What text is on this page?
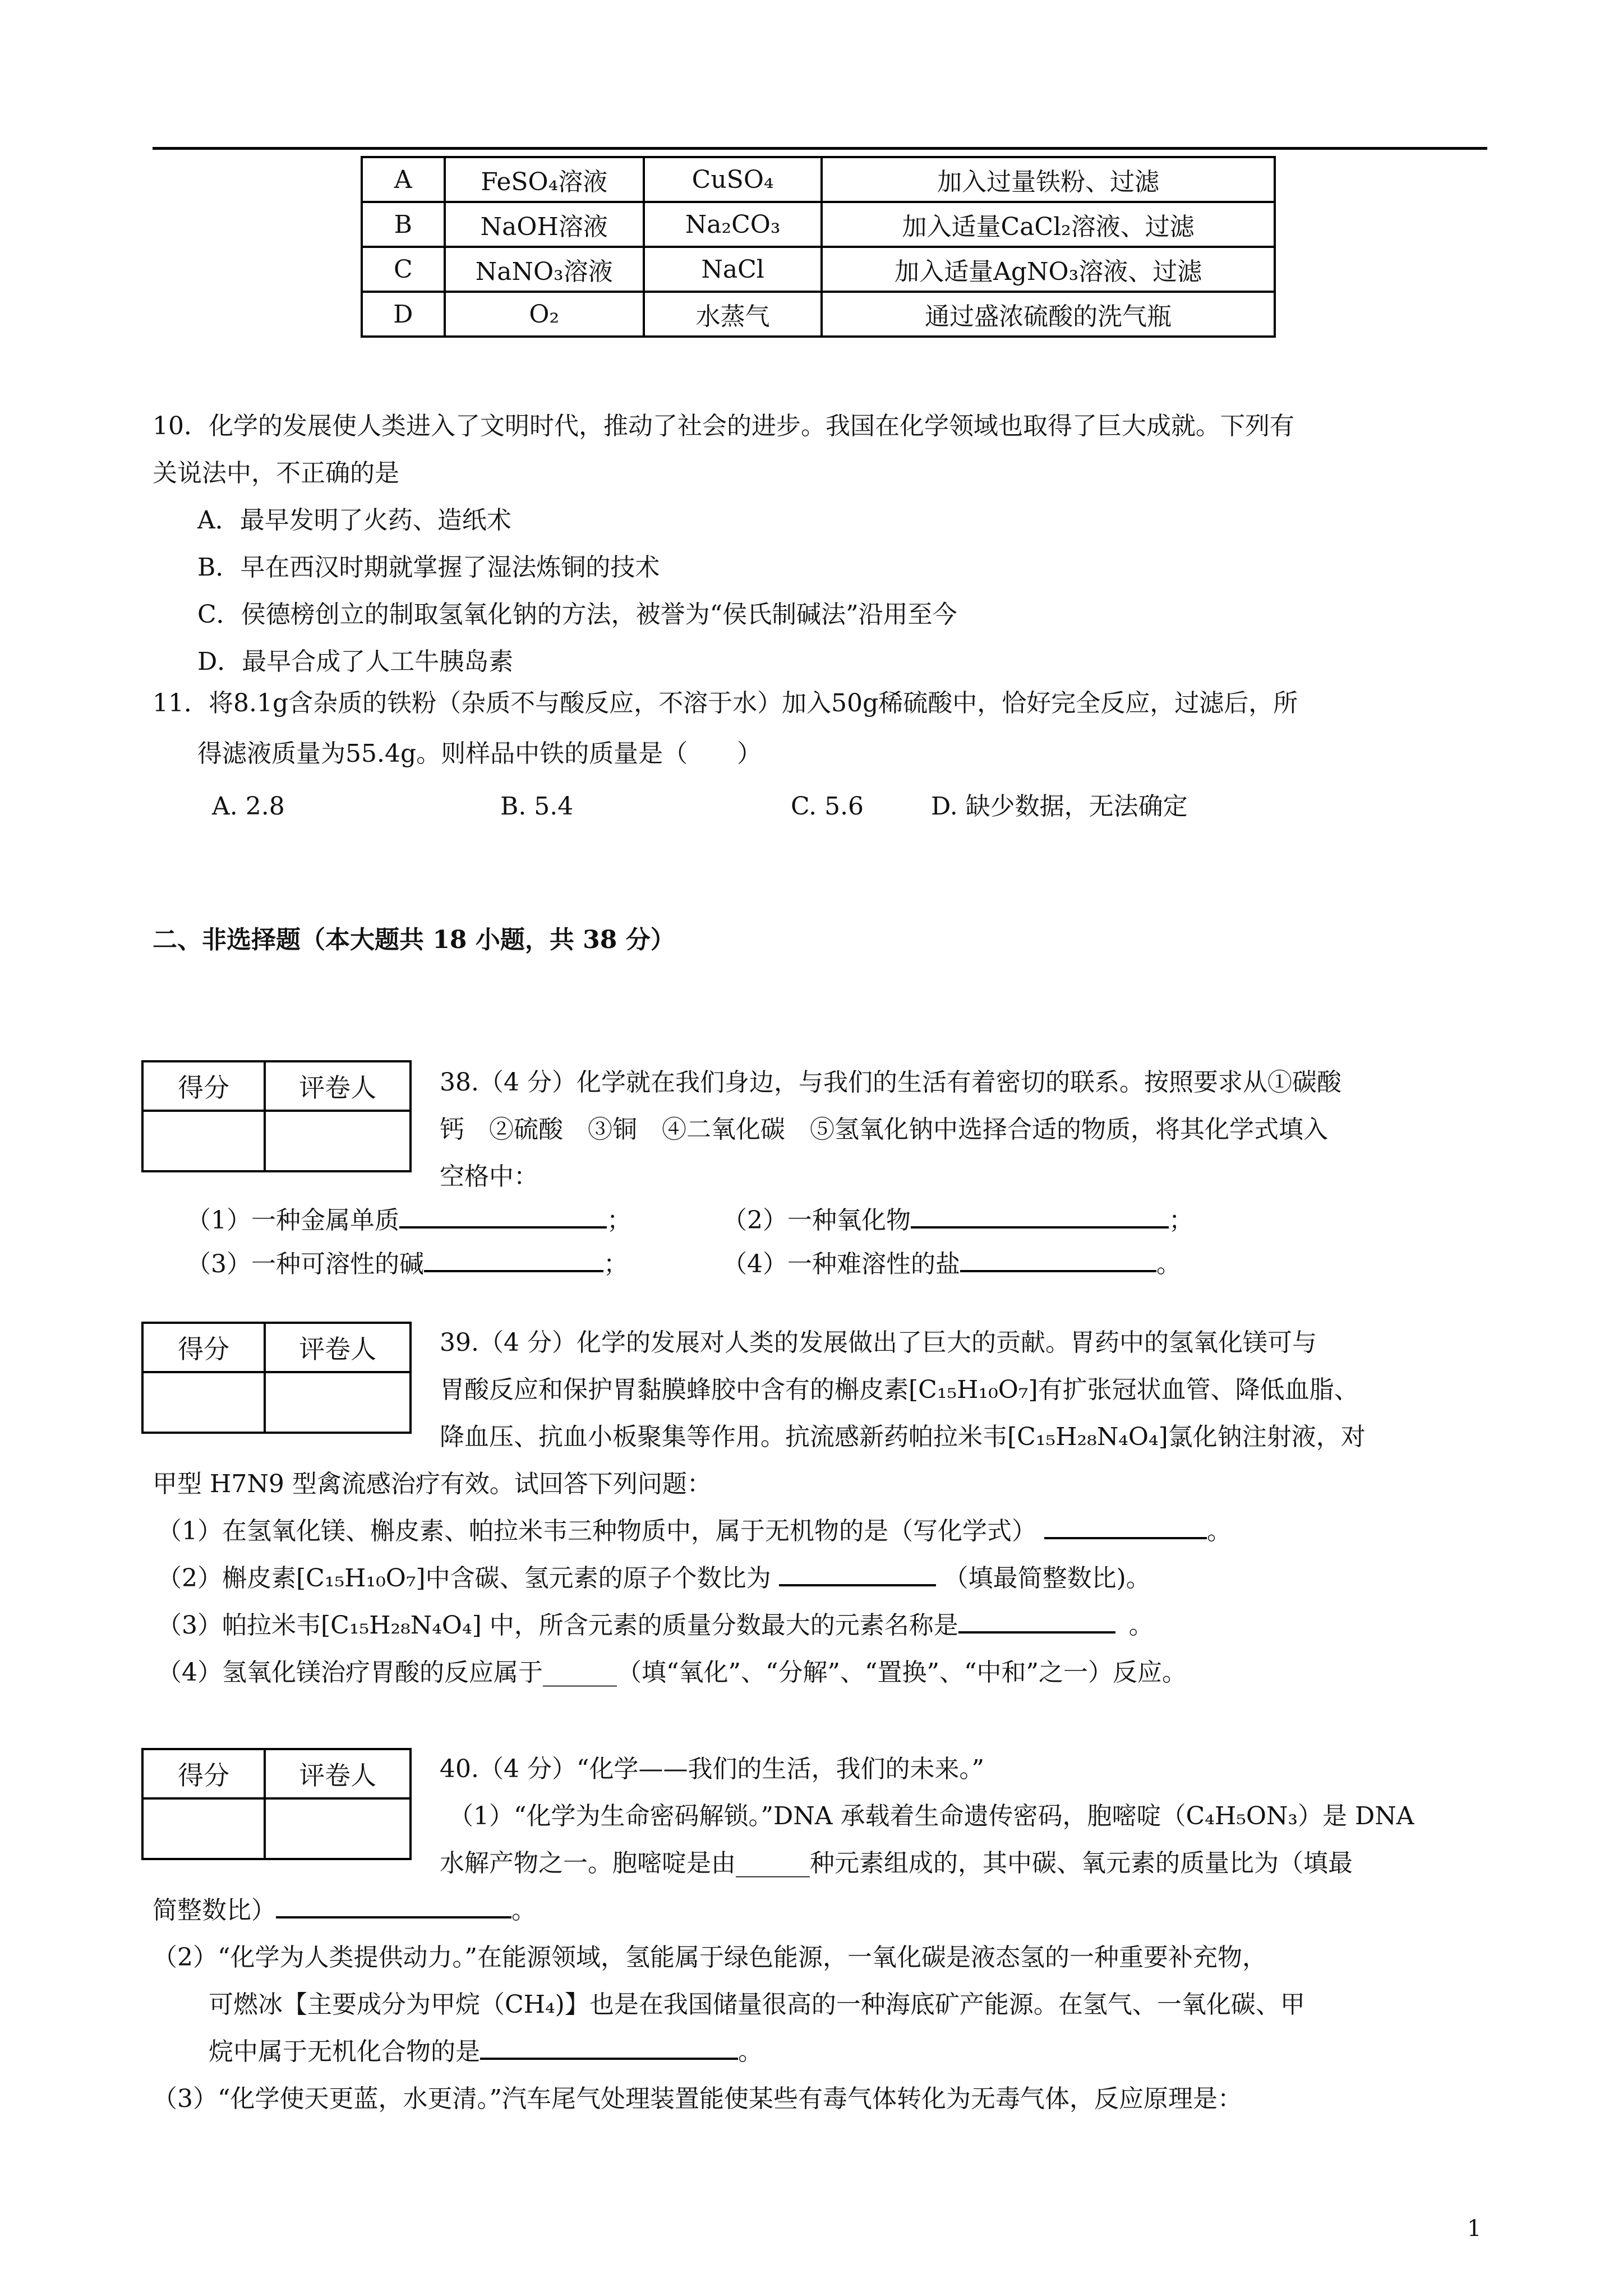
A	FeSO₄溶液	CuSO₄	加入过量铁粉、过滤
B	NaOH溶液	Na₂CO₃	加入适量CaCl₂溶液、过滤
C	NaNO₃溶液	NaCl	加入适量AgNO₃溶液、过滤
D	O₂	水蒸气	通过盛浓硫酸的洗气瓶
10．化学的发展使人类进入了文明时代，推动了社会的进步。我国在化学领域也取得了巨大成就。下列有
关说法中，不正确的是
A．最早发明了火药、造纸术
B．早在西汉时期就掌握了湿法炼铜的技术
C．侯德榜创立的制取氢氧化钠的方法，被誉为“侯氏制碱法”沿用至今
D．最早合成了人工牛胰岛素
11．将8.1g含杂质的铁粉（杂质不与酸反应，不溶于水）加入50g稀硫酸中，恰好完全反应，过滤后，所
得滤液质量为55.4g。则样品中铁的质量是（　　）
A. 2.8	B. 5.4	C. 5.6	D. 缺少数据，无法确定
二、非选择题（本大题共 18 小题，共 38 分）
得分	评卷人
		38.（4 分）化学就在我们身边，与我们的生活有着密切的联系。按照要求从①碳酸
钙　②硫酸　③铜　④二氧化碳　⑤氢氧化钠中选择合适的物质，将其化学式填入
空格中：
（1）一种金属单质	；	（2）一种氧化物	；
（3）一种可溶性的碱	；	（4）一种难溶性的盐	。
得分	评卷人
		39.（4 分）化学的发展对人类的发展做出了巨大的贡献。胃药中的氢氧化镁可与
胃酸反应和保护胃黏膜蜂胶中含有的槲皮素[C₁₅H₁₀O₇]有扩张冠状血管、降低血脂、
降血压、抗血小板聚集等作用。抗流感新药帕拉米韦[C₁₅H₂₈N₄O₄]氯化钠注射液，对
甲型 H7N9 型禽流感治疗有效。试回答下列问题：
（1）在氢氧化镁、槲皮素、帕拉米韦三种物质中，属于无机物的是（写化学式）	。
（2）槲皮素[C₁₅H₁₀O₇]中含碳、氢元素的原子个数比为	（填最简整数比)。
（3）帕拉米韦[C₁₅H₂₈N₄O₄] 中，所含元素的质量分数最大的元素名称是	。
（4）氢氧化镁治疗胃酸的反应属于______（填“氧化”、“分解”、“置换”、“中和”之一）反应。
得分	评卷人
		40.（4 分）“化学——我们的生活，我们的未来。”
（1）“化学为生命密码解锁。”DNA 承载着生命遗传密码，胞嘧啶（C₄H₅ON₃）是 DNA
水解产物之一。胞嘧啶是由______种元素组成的，其中碳、氧元素的质量比为（填最
简整数比）	。
（2）“化学为人类提供动力。”在能源领域，氢能属于绿色能源，一氧化碳是液态氢的一种重要补充物，
可燃冰【主要成分为甲烷（CH₄)】也是在我国储量很高的一种海底矿产能源。在氢气、一氧化碳、甲
烷中属于无机化合物的是	。
（3）“化学使天更蓝，水更清。”汽车尾气处理装置能使某些有毒气体转化为无毒气体，反应原理是：
1
